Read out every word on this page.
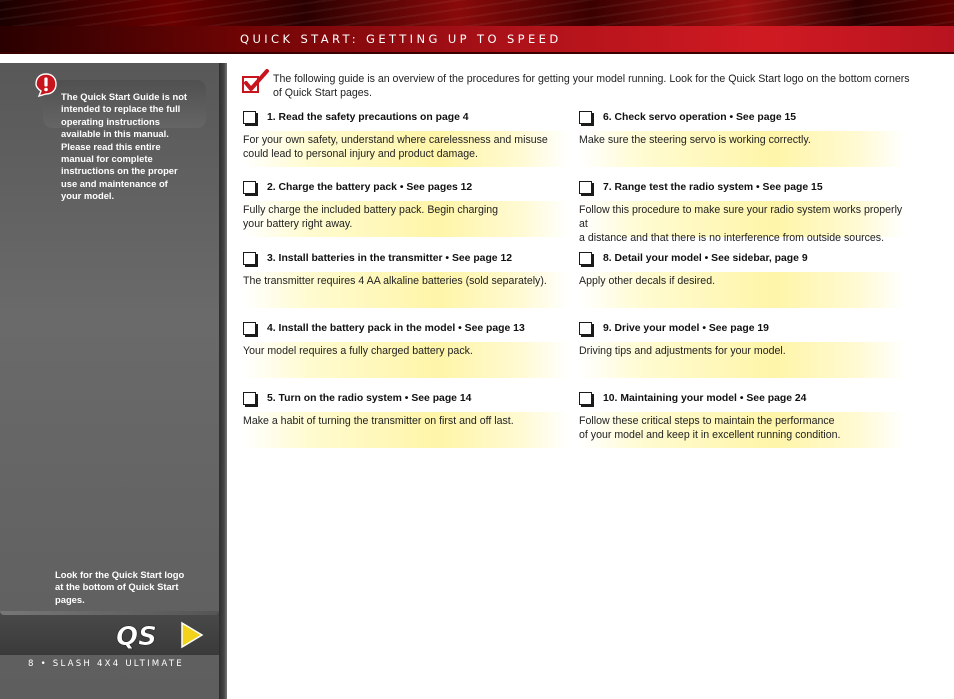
QUICK START: GETTING UP TO SPEED
The Quick Start Guide is not intended to replace the full operating instructions available in this manual. Please read this entire manual for complete instructions on the proper use and maintenance of your model.
Look for the Quick Start logo at the bottom of Quick Start pages.
QS
8 • SLASH 4X4 ULTIMATE
The following guide is an overview of the procedures for getting your model running. Look for the Quick Start logo on the bottom corners of Quick Start pages.
1. Read the safety precautions on page 4
For your own safety, understand where carelessness and misuse
could lead to personal injury and product damage.
2. Charge the battery pack • See pages 12
Fully charge the included battery pack. Begin charging
your battery right away.
3. Install batteries in the transmitter • See page 12
The transmitter requires 4 AA alkaline batteries (sold separately).
4. Install the battery pack in the model • See page 13
Your model requires a fully charged battery pack.
5. Turn on the radio system • See page 14
Make a habit of turning the transmitter on first and off last.
6. Check servo operation • See page 15
Make sure the steering servo is working correctly.
7. Range test the radio system • See page 15
Follow this procedure to make sure your radio system works properly at
a distance and that there is no interference from outside sources.
8. Detail your model • See sidebar, page 9
Apply other decals if desired.
9. Drive your model • See page 19
Driving tips and adjustments for your model.
10. Maintaining your model • See page 24
Follow these critical steps to maintain the performance
of your model and keep it in excellent running condition.
